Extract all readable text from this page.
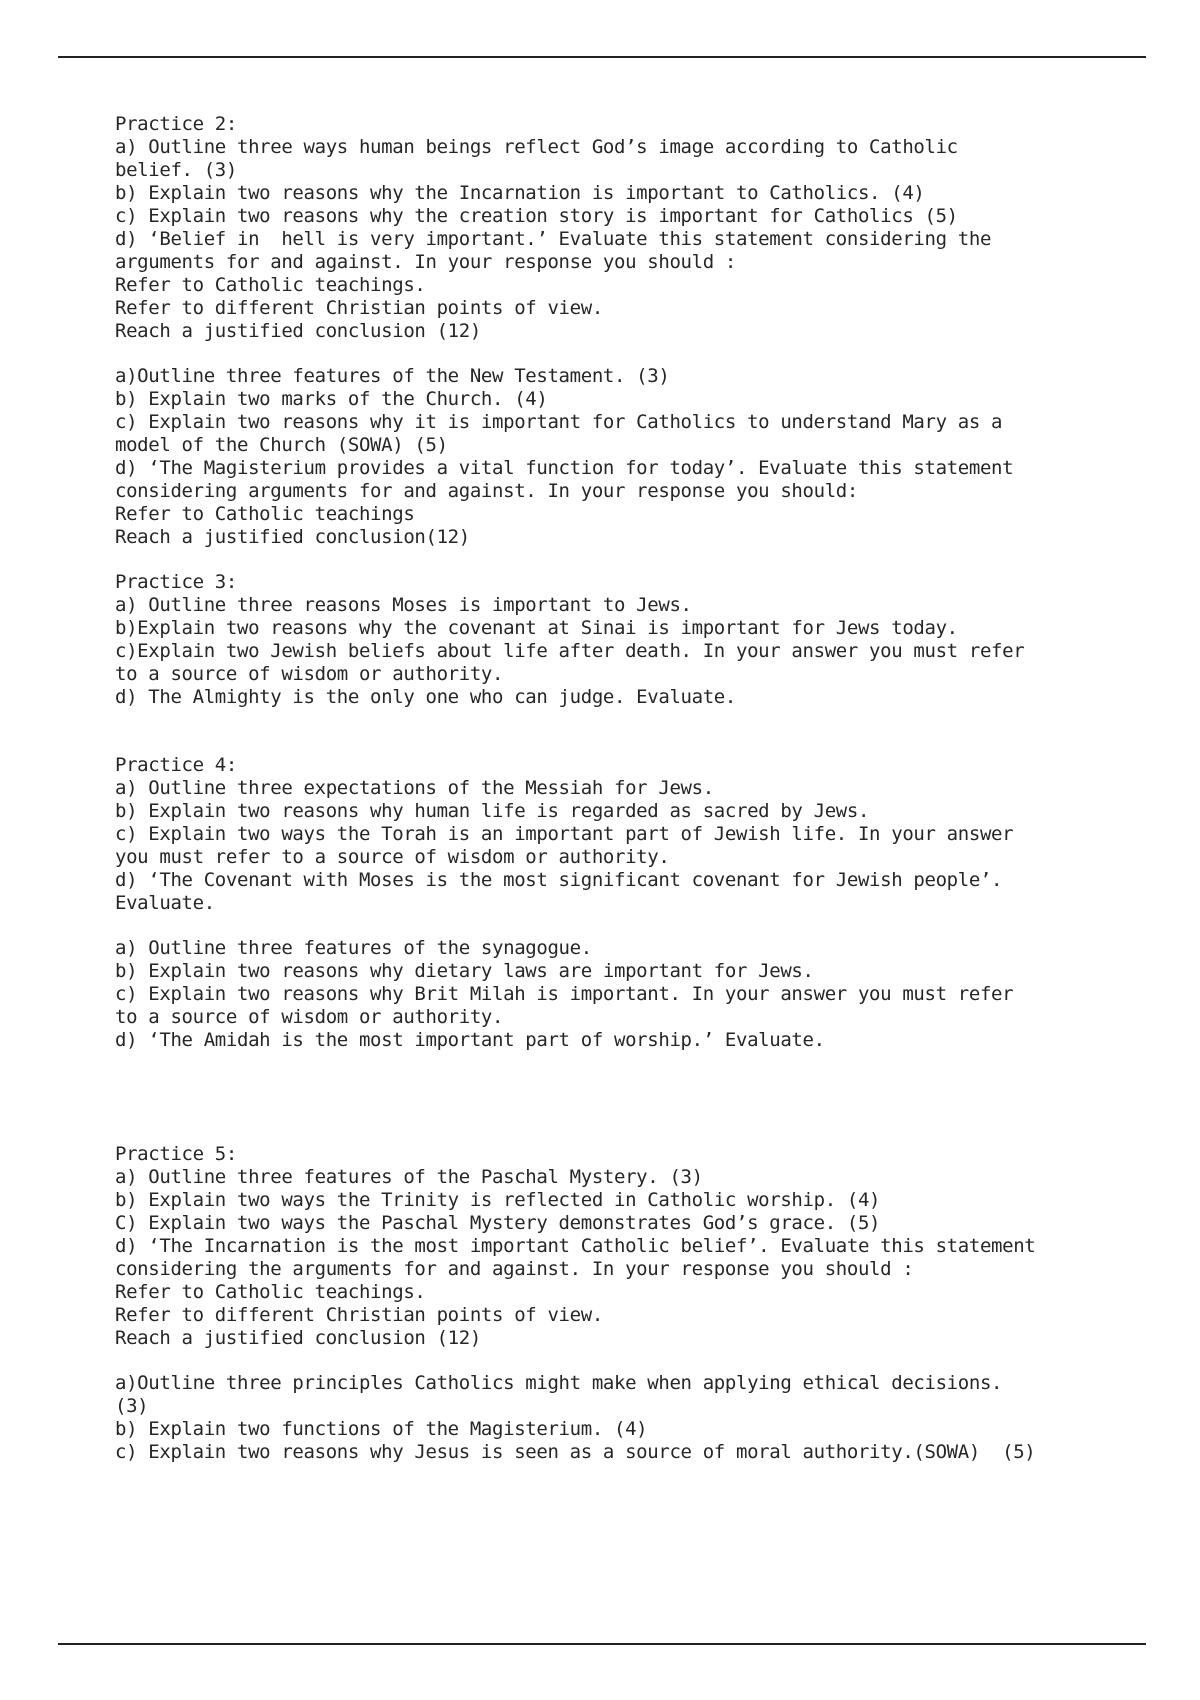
Practice 2:
a) Outline three ways human beings reflect God’s image according to Catholic
belief. (3)
b) Explain two reasons why the Incarnation is important to Catholics. (4)
c) Explain two reasons why the creation story is important for Catholics (5)
d) ‘Belief in  hell is very important.’ Evaluate this statement considering the
arguments for and against. In your response you should :
Refer to Catholic teachings.
Refer to different Christian points of view.
Reach a justified conclusion (12)
a)Outline three features of the New Testament. (3)
b) Explain two marks of the Church. (4)
c) Explain two reasons why it is important for Catholics to understand Mary as a
model of the Church (SOWA) (5)
d) ‘The Magisterium provides a vital function for today’. Evaluate this statement
considering arguments for and against. In your response you should:
Refer to Catholic teachings
Reach a justified conclusion(12)
Practice 3:
a) Outline three reasons Moses is important to Jews.
b)Explain two reasons why the covenant at Sinai is important for Jews today.
c)Explain two Jewish beliefs about life after death. In your answer you must refer
to a source of wisdom or authority.
d) The Almighty is the only one who can judge. Evaluate.
Practice 4:
a) Outline three expectations of the Messiah for Jews.
b) Explain two reasons why human life is regarded as sacred by Jews.
c) Explain two ways the Torah is an important part of Jewish life. In your answer
you must refer to a source of wisdom or authority.
d) ‘The Covenant with Moses is the most significant covenant for Jewish people’.
Evaluate.
a) Outline three features of the synagogue.
b) Explain two reasons why dietary laws are important for Jews.
c) Explain two reasons why Brit Milah is important. In your answer you must refer
to a source of wisdom or authority.
d) ‘The Amidah is the most important part of worship.’ Evaluate.
Practice 5:
a) Outline three features of the Paschal Mystery. (3)
b) Explain two ways the Trinity is reflected in Catholic worship. (4)
C) Explain two ways the Paschal Mystery demonstrates God’s grace. (5)
d) ‘The Incarnation is the most important Catholic belief’. Evaluate this statement
considering the arguments for and against. In your response you should :
Refer to Catholic teachings.
Refer to different Christian points of view.
Reach a justified conclusion (12)
a)Outline three principles Catholics might make when applying ethical decisions.
(3)
b) Explain two functions of the Magisterium. (4)
c) Explain two reasons why Jesus is seen as a source of moral authority.(SOWA)  (5)
